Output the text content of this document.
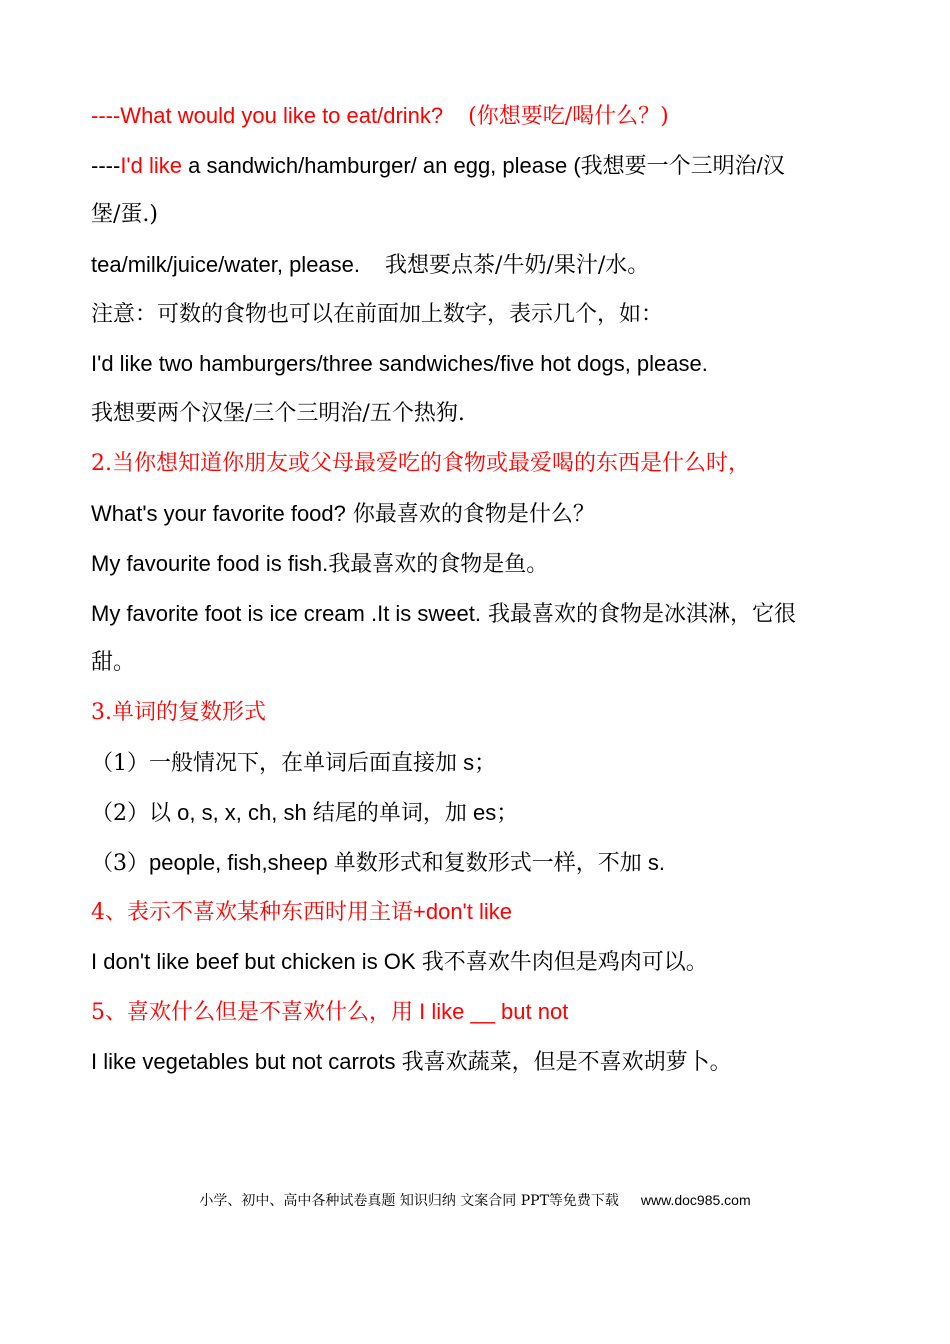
----What would you like to eat/drink? (你想要吃/喝什么？)
----I'd like a sandwich/hamburger/ an egg, please (我想要一个三明治/汉
堡/蛋.)
tea/milk/juice/water, please. 我想要点茶/牛奶/果汁/水。
注意：可数的食物也可以在前面加上数字，表示几个，如：
I'd like two hamburgers/three sandwiches/five hot dogs, please.
我想要两个汉堡/三个三明治/五个热狗.
2.当你想知道你朋友或父母最爱吃的食物或最爱喝的东西是什么时，
What's your favorite food? 你最喜欢的食物是什么？
My favourite food is fish.我最喜欢的食物是鱼。
My favorite foot is ice cream .It is sweet. 我最喜欢的食物是冰淇淋，它很
甜。
3.单词的复数形式
（1）一般情况下，在单词后面直接加 s；
（2）以 o, s, x, ch, sh 结尾的单词，加 es；
（3）people, fish,sheep 单数形式和复数形式一样，不加 s.
4、表示不喜欢某种东西时用主语+don't like
I don't like beef but chicken is OK 我不喜欢牛肉但是鸡肉可以。
5、喜欢什么但是不喜欢什么，用 I like __ but not
I like vegetables but not carrots 我喜欢蔬菜，但是不喜欢胡萝卜。
小学、初中、高中各种试卷真题 知识归纳 文案合同 PPT等免费下载 www.doc985.com
